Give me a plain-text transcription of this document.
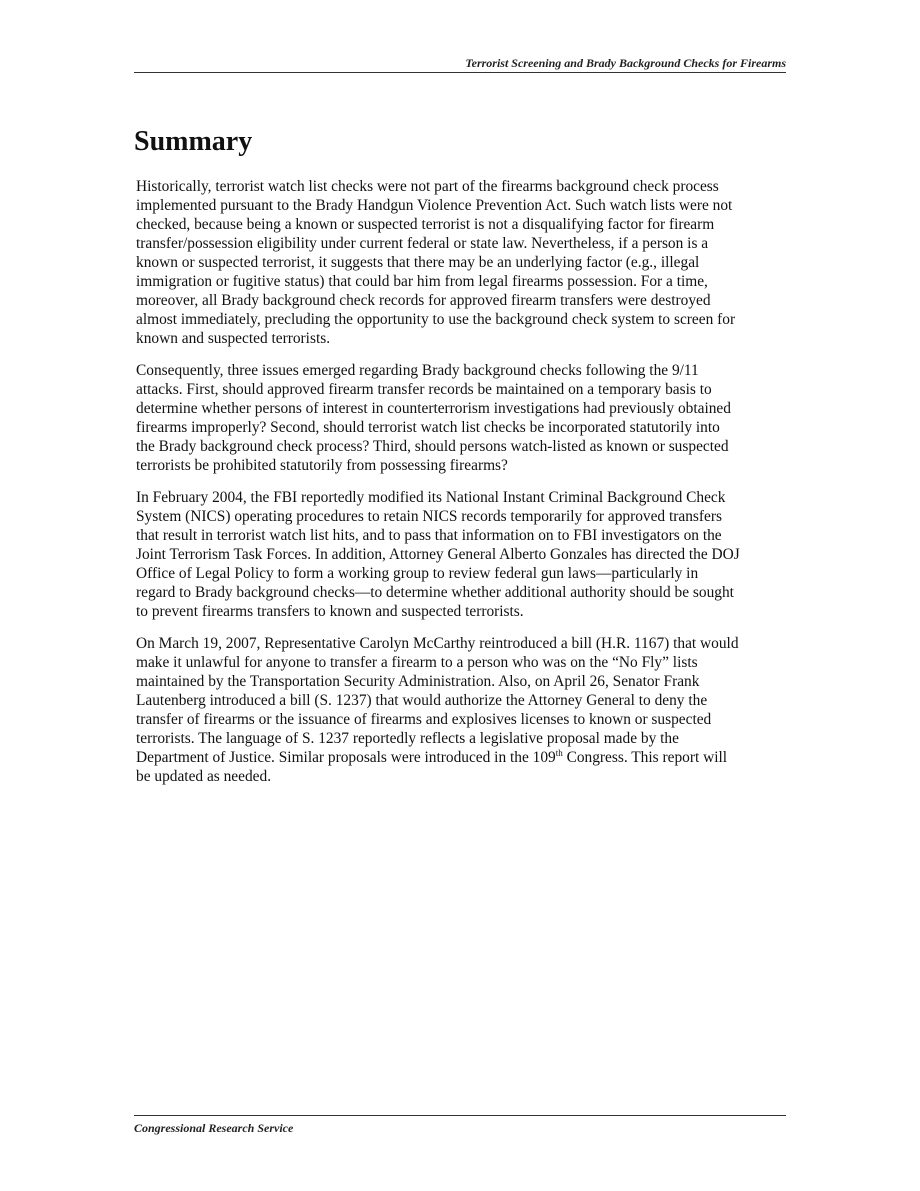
Terrorist Screening and Brady Background Checks for Firearms
Summary

Historically, terrorist watch list checks were not part of the firearms background check process
implemented pursuant to the Brady Handgun Violence Prevention Act. Such watch lists were not
checked, because being a known or suspected terrorist is not a disqualifying factor for firearm
transfer/possession eligibility under current federal or state law. Nevertheless, if a person is a
known or suspected terrorist, it suggests that there may be an underlying factor (e.g., illegal
immigration or fugitive status) that could bar him from legal firearms possession. For a time,
moreover, all Brady background check records for approved firearm transfers were destroyed
almost immediately, precluding the opportunity to use the background check system to screen for
known and suspected terrorists.

Consequently, three issues emerged regarding Brady background checks following the 9/11
attacks. First, should approved firearm transfer records be maintained on a temporary basis to
determine whether persons of interest in counterterrorism investigations had previously obtained
firearms improperly? Second, should terrorist watch list checks be incorporated statutorily into
the Brady background check process? Third, should persons watch-listed as known or suspected
terrorists be prohibited statutorily from possessing firearms?

In February 2004, the FBI reportedly modified its National Instant Criminal Background Check
System (NICS) operating procedures to retain NICS records temporarily for approved transfers
that result in terrorist watch list hits, and to pass that information on to FBI investigators on the
Joint Terrorism Task Forces. In addition, Attorney General Alberto Gonzales has directed the DOJ
Office of Legal Policy to form a working group to review federal gun laws—particularly in
regard to Brady background checks—to determine whether additional authority should be sought
to prevent firearms transfers to known and suspected terrorists.

On March 19, 2007, Representative Carolyn McCarthy reintroduced a bill (H.R. 1167) that would
make it unlawful for anyone to transfer a firearm to a person who was on the “No Fly” lists
maintained by the Transportation Security Administration. Also, on April 26, Senator Frank
Lautenberg introduced a bill (S. 1237) that would authorize the Attorney General to deny the
transfer of firearms or the issuance of firearms and explosives licenses to known or suspected
terrorists. The language of S. 1237 reportedly reflects a legislative proposal made by the
Department of Justice. Similar proposals were introduced in the 109th Congress. This report will
be updated as needed.

Congressional Research Service
